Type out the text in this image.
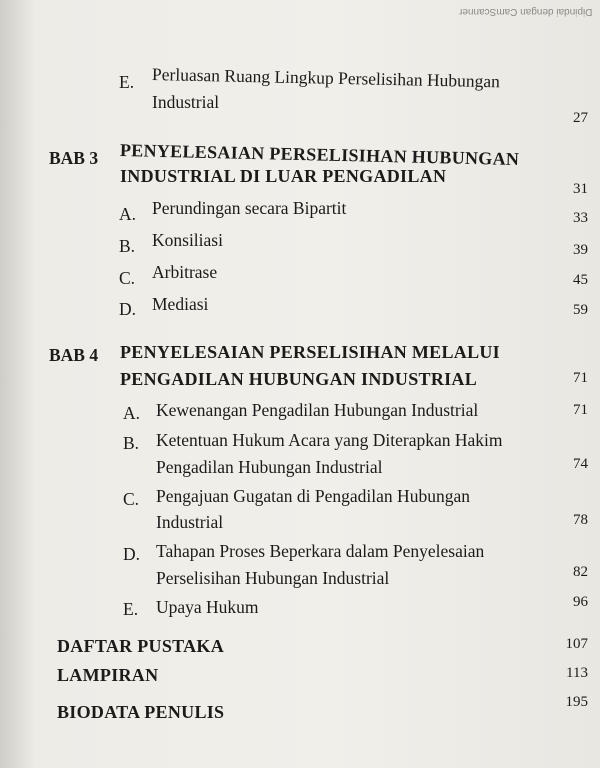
Dipindai dengan CamScanner
E. Perluasan Ruang Lingkup Perselisihan Hubungan
Industrial
27
BAB 3 PENYELESAIAN PERSELISIHAN HUBUNGAN
INDUSTRIAL DI LUAR PENGADILAN
31
A. Perundingan secara Bipartit	33
B. Konsiliasi	39
C. Arbitrase	45
D. Mediasi	59
BAB 4 PENYELESAIAN PERSELISIHAN MELALUI
PENGADILAN HUBUNGAN INDUSTRIAL	71
A. Kewenangan Pengadilan Hubungan Industrial	71
B. Ketentuan Hukum Acara yang Diterapkan Hakim
Pengadilan Hubungan Industrial	74
C. Pengajuan Gugatan di Pengadilan Hubungan
Industrial	78
D. Tahapan Proses Beperkara dalam Penyelesaian
Perselisihan Hubungan Industrial	82
E. Upaya Hukum	96
DAFTAR PUSTAKA	107
LAMPIRAN	113
BIODATA PENULIS	195
